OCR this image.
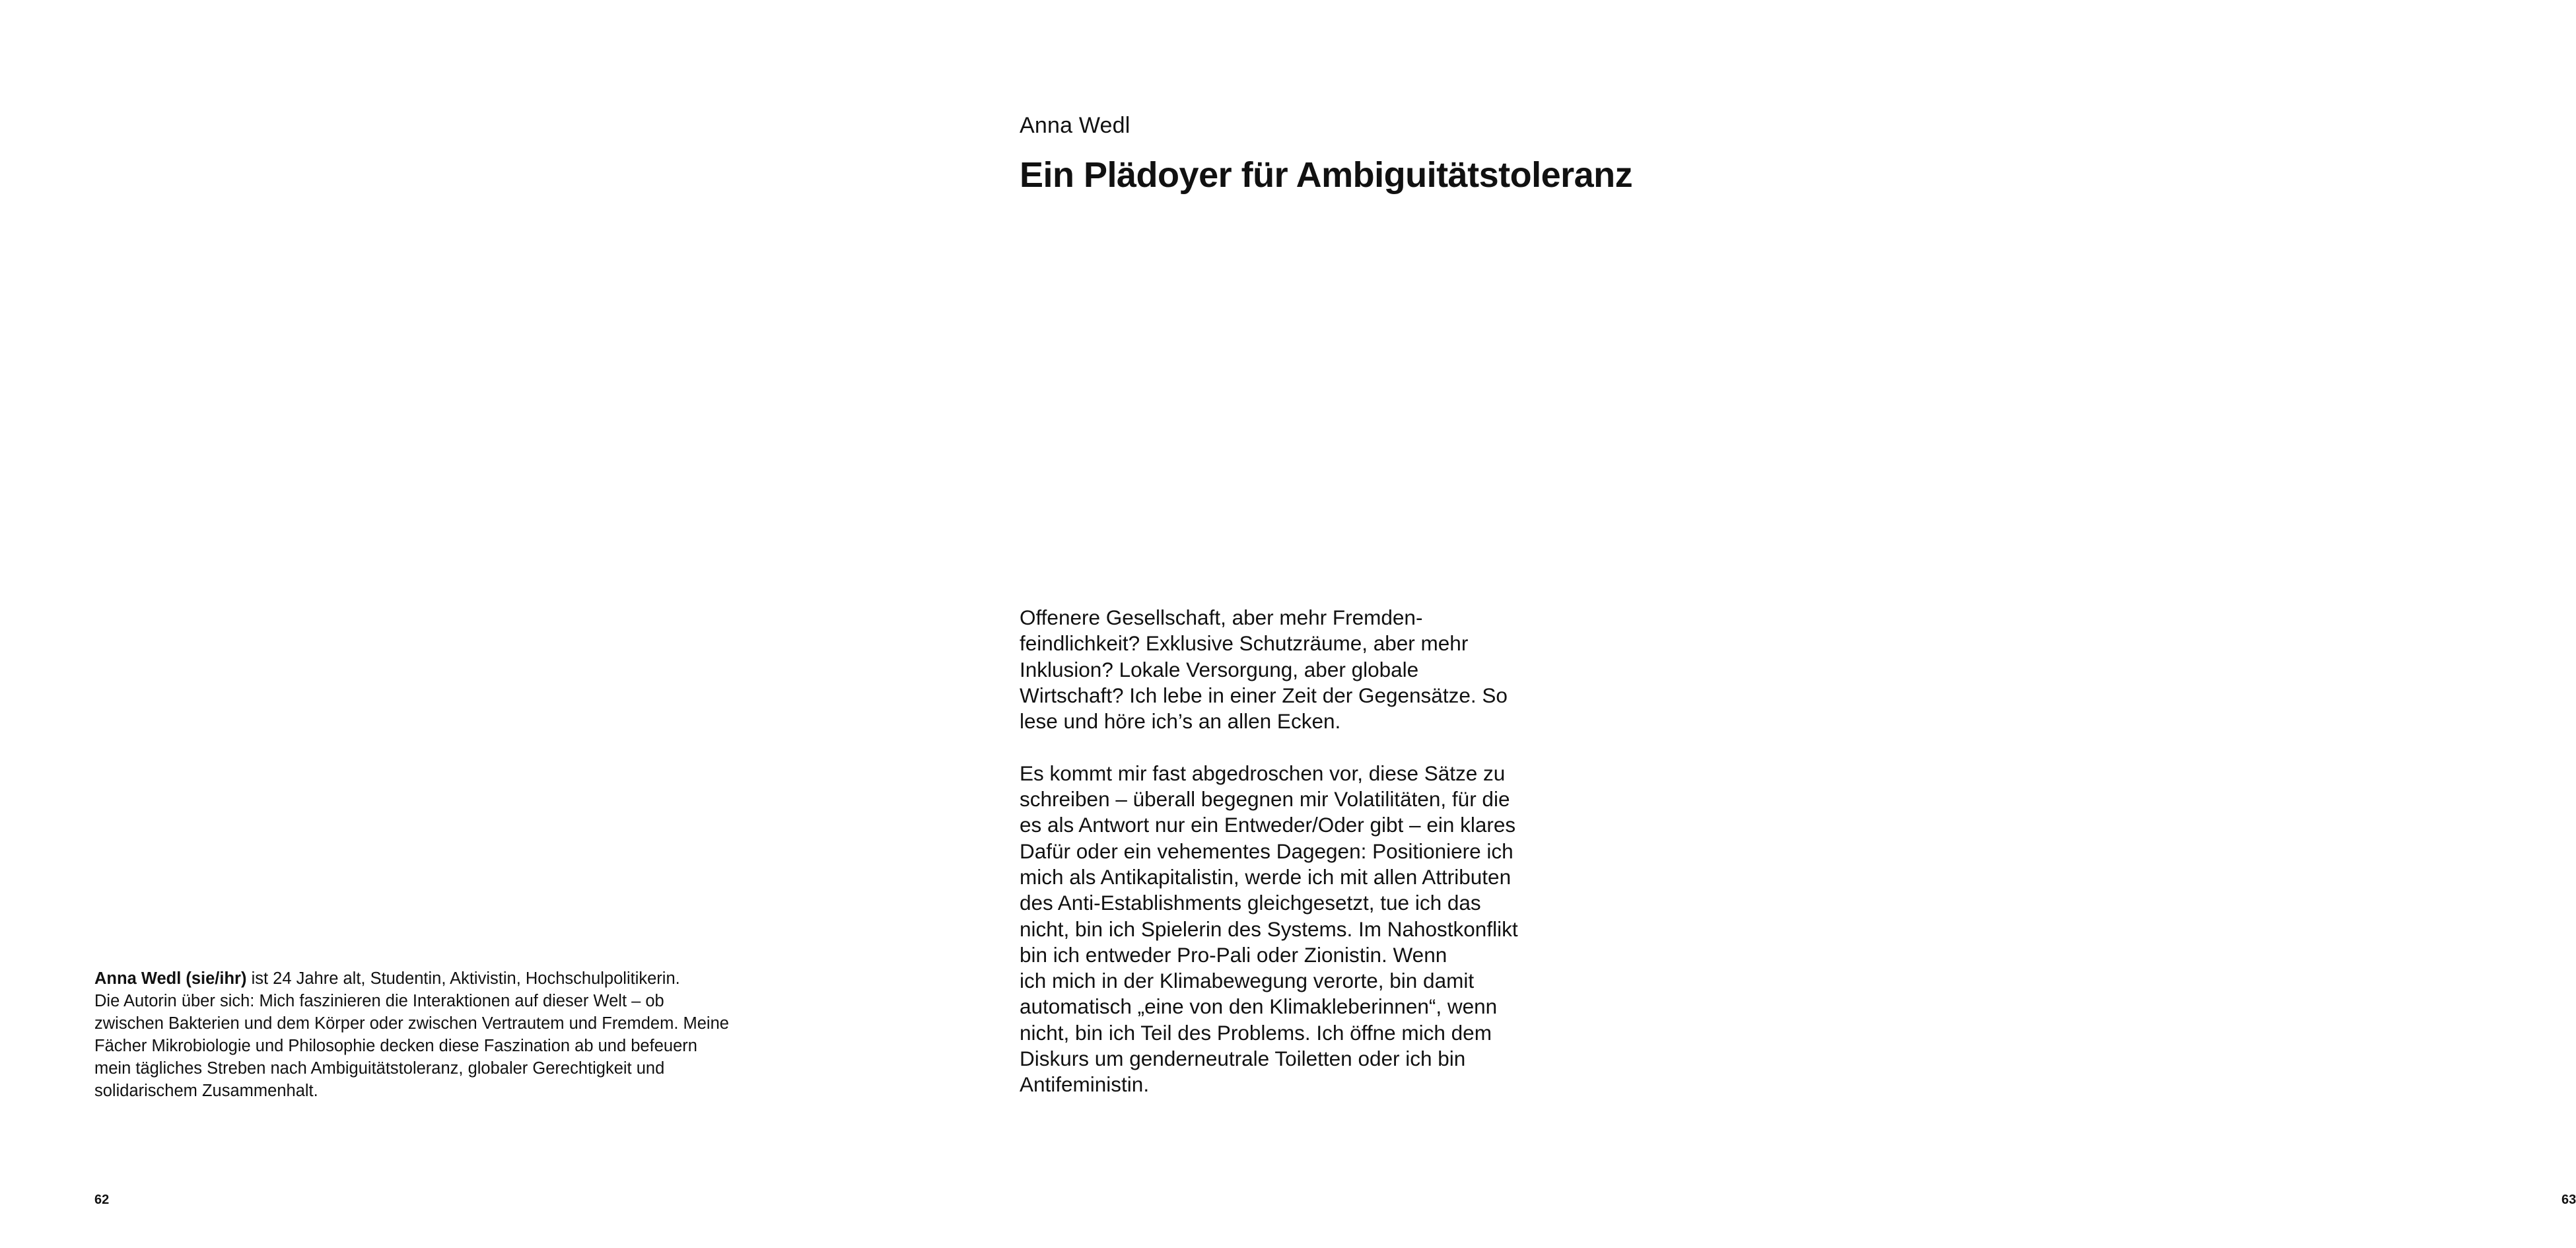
Anna Wedl (sie/ihr) ist 24 Jahre alt, Studentin, Aktivistin, Hochschulpolitikerin.
Die Autorin über sich: Mich faszinieren die Interaktionen auf dieser Welt – ob
zwischen Bakterien und dem Körper oder zwischen Vertrautem und Fremdem. Meine
Fächer Mikrobiologie und Philosophie decken diese Faszination ab und befeuern
mein tägliches Streben nach Ambiguitätstoleranz, globaler Gerechtigkeit und
solidarischem Zusammenhalt.
62
Anna Wedl
Ein Plädoyer für Ambiguitätstoleranz

Offenere Gesellschaft, aber mehr Fremden-
feindlichkeit? Exklusive Schutzräume, aber mehr
Inklusion? Lokale Versorgung, aber globale
Wirtschaft? Ich lebe in einer Zeit der Gegensätze. So
lese und höre ich’s an allen Ecken.

Es kommt mir fast abgedroschen vor, diese Sätze zu
schreiben – überall begegnen mir Volatilitäten, für die
es als Antwort nur ein Entweder/Oder gibt – ein klares
Dafür oder ein vehementes Dagegen: Positioniere ich
mich als Antikapitalistin, werde ich mit allen Attributen
des Anti-Establishments gleichgesetzt, tue ich das
nicht, bin ich Spielerin des Systems. Im Nahostkonflikt
bin ich entweder Pro-Pali oder Zionistin. Wenn
ich mich in der Klimabewegung verorte, bin damit
automatisch „eine von den Klimakleberinnen“, wenn
nicht, bin ich Teil des Problems. Ich öffne mich dem
Diskurs um genderneutrale Toiletten oder ich bin
Antifeministin.

63
